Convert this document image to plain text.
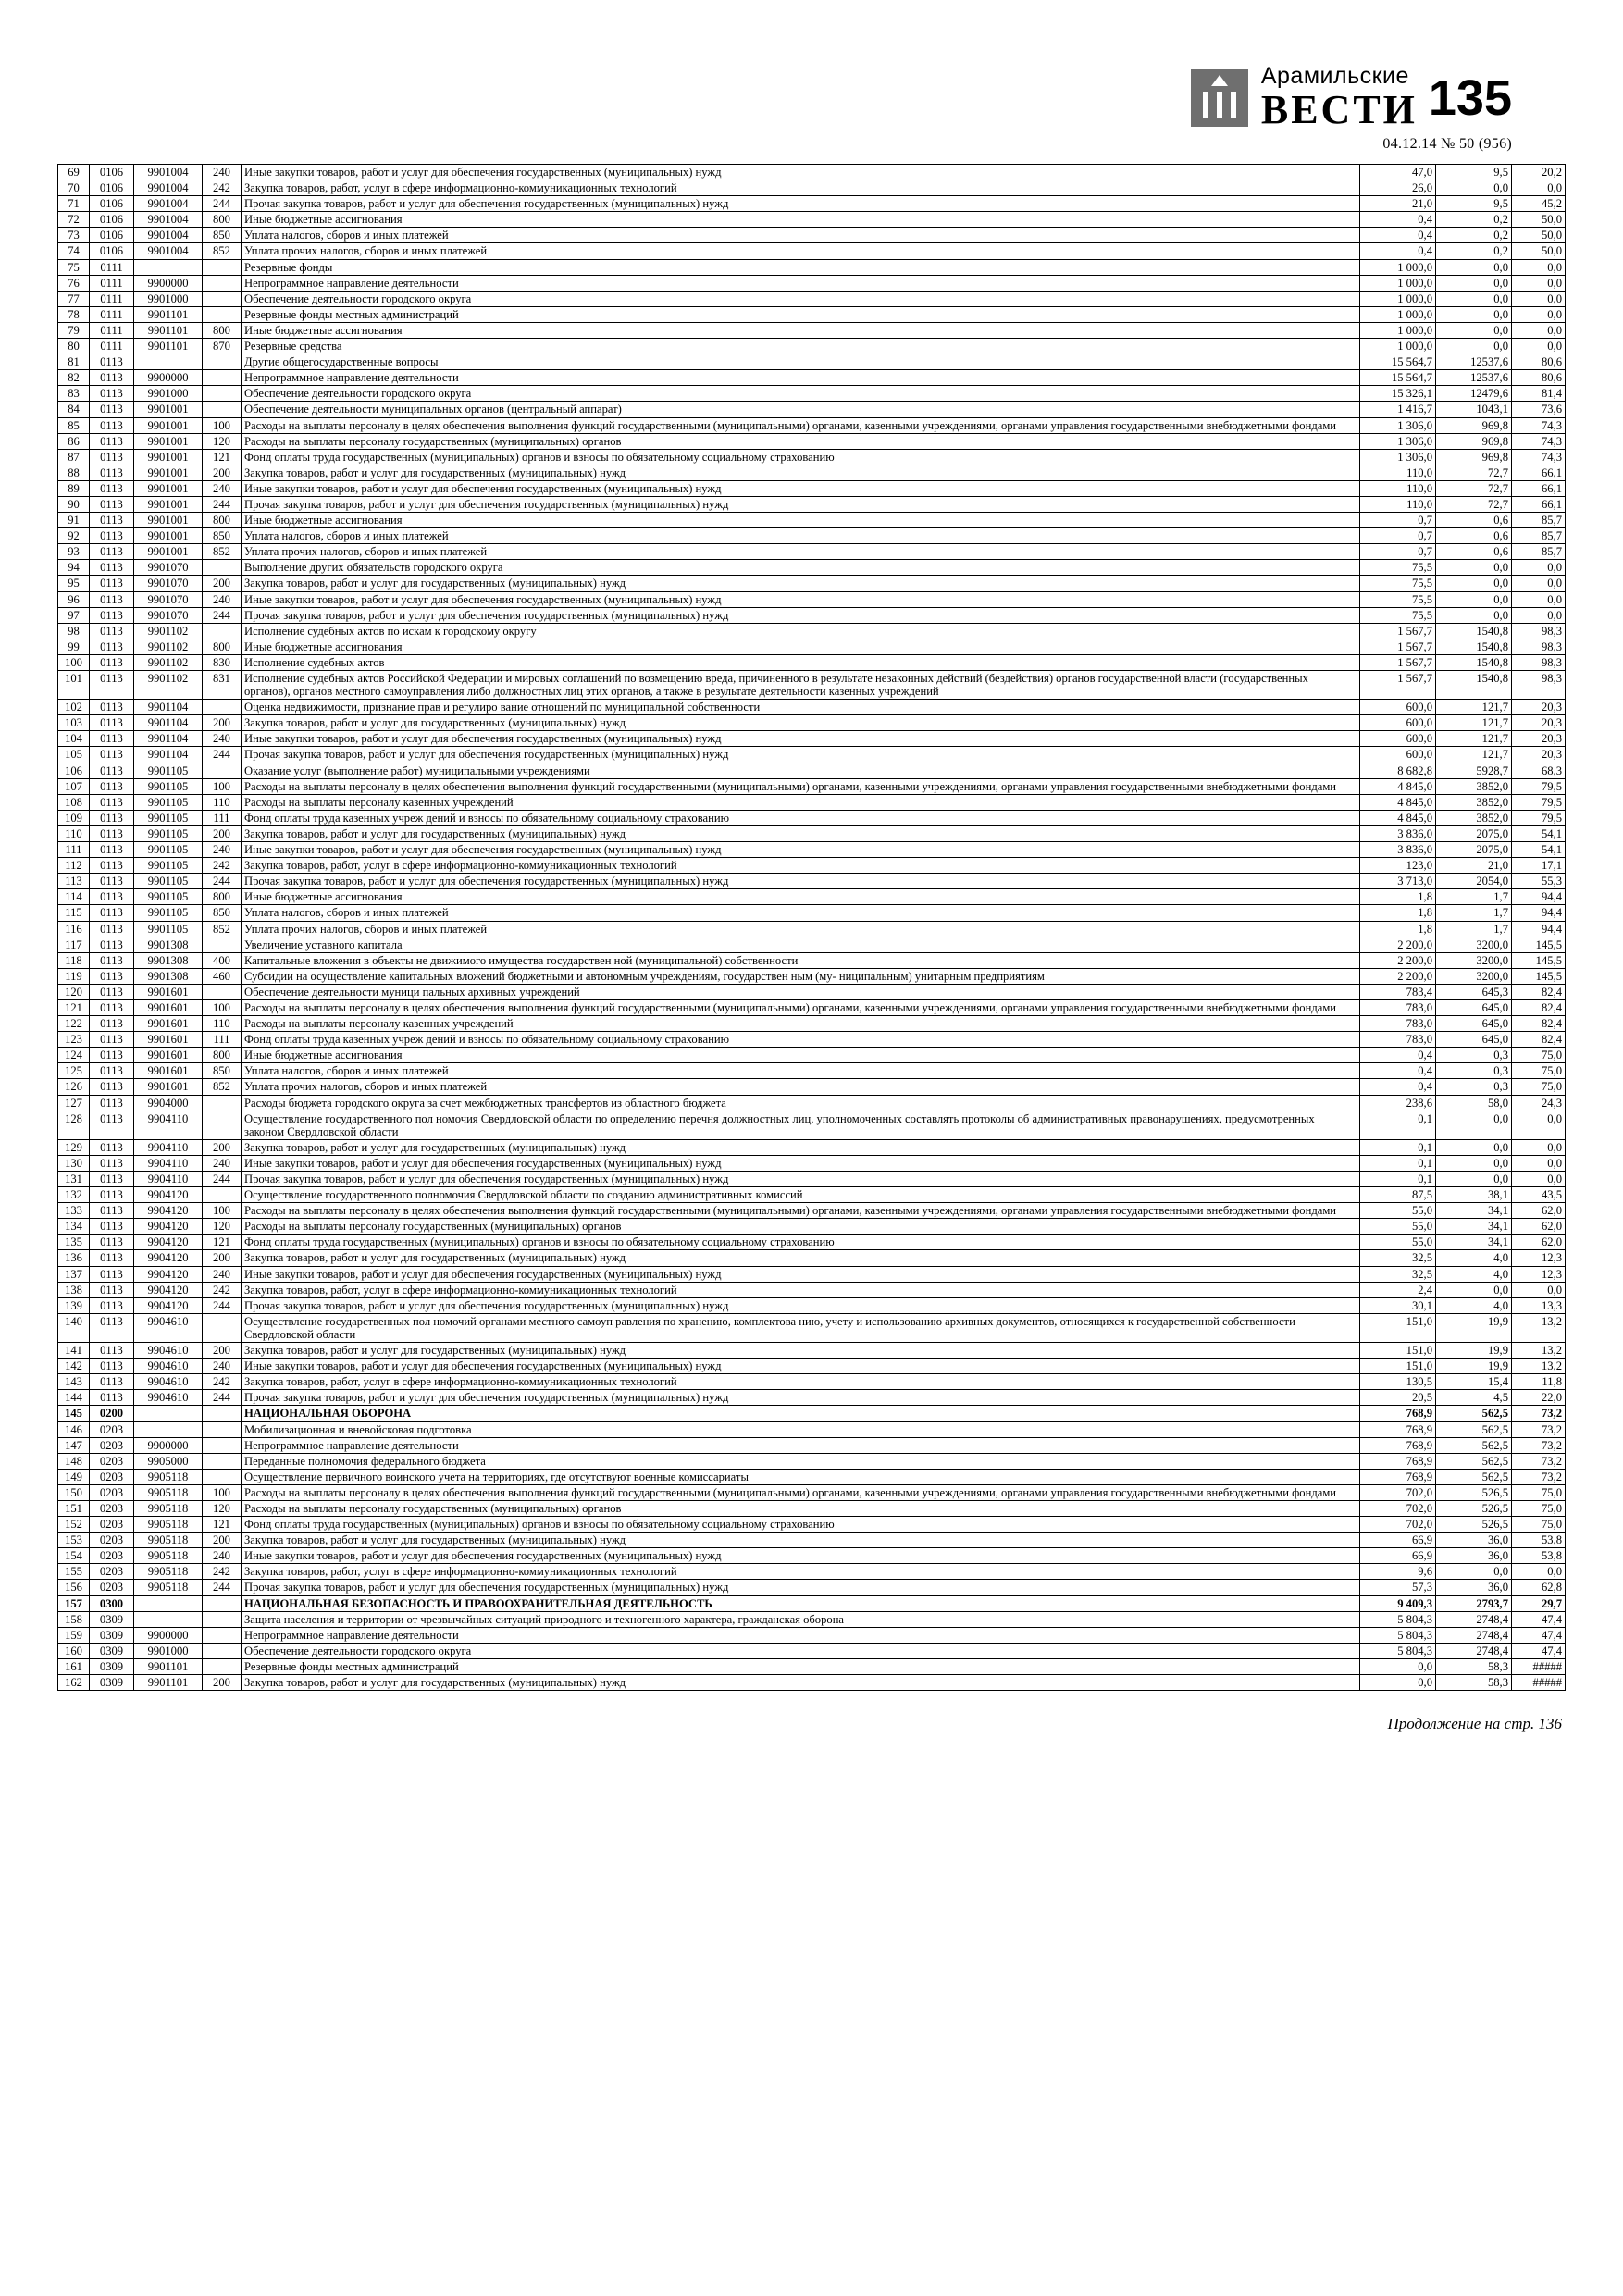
Арамильские
ВЕСТИ 135
04.12.14 № 50 (956)
69	0106	9901004	240	Иные закупки товаров, работ и услуг для обеспечения государственных (муниципальных) нужд	47,0	9,5	20,2
70	0106	9901004	242	Закупка товаров, работ, услуг в сфере информационно-коммуникационных технологий	26,0	0,0	0,0
71	0106	9901004	244	Прочая закупка товаров, работ и услуг для обеспечения государственных (муниципальных) нужд	21,0	9,5	45,2
72	0106	9901004	800	Иные бюджетные ассигнования	0,4	0,2	50,0
73	0106	9901004	850	Уплата налогов, сборов и иных платежей	0,4	0,2	50,0
74	0106	9901004	852	Уплата прочих налогов, сборов и иных платежей	0,4	0,2	50,0
75	0111			Резервные фонды	1 000,0	0,0	0,0
76	0111	9900000		Непрограммное направление деятельности	1 000,0	0,0	0,0
77	0111	9901000		Обеспечение деятельности городского округа	1 000,0	0,0	0,0
78	0111	9901101		Резервные фонды местных администраций	1 000,0	0,0	0,0
79	0111	9901101	800	Иные бюджетные ассигнования	1 000,0	0,0	0,0
80	0111	9901101	870	Резервные средства	1 000,0	0,0	0,0
81	0113			Другие общегосударственные вопросы	15 564,7	12537,6	80,6
82	0113	9900000		Непрограммное направление деятельности	15 564,7	12537,6	80,6
83	0113	9901000		Обеспечение деятельности городского округа	15 326,1	12479,6	81,4
84	0113	9901001		Обеспечение деятельности муниципальных органов (центральный аппарат)	1 416,7	1043,1	73,6
85	0113	9901001	100	Расходы на выплаты персоналу в целях обеспечения выполнения функций государственными (муниципальными) органами, казенными учреждениями, органами управления государственными внебюджетными фондами	1 306,0	969,8	74,3
86	0113	9901001	120	Расходы на выплаты персоналу государственных (муниципальных) органов	1 306,0	969,8	74,3
87	0113	9901001	121	Фонд оплаты труда государственных (муниципальных) органов и взносы по обязательному социальному страхованию	1 306,0	969,8	74,3
88	0113	9901001	200	Закупка товаров, работ и услуг для государственных (муниципальных) нужд	110,0	72,7	66,1
89	0113	9901001	240	Иные закупки товаров, работ и услуг для обеспечения государственных (муниципальных) нужд	110,0	72,7	66,1
90	0113	9901001	244	Прочая закупка товаров, работ и услуг для обеспечения государственных (муниципальных) нужд	110,0	72,7	66,1
91	0113	9901001	800	Иные бюджетные ассигнования	0,7	0,6	85,7
92	0113	9901001	850	Уплата налогов, сборов и иных платежей	0,7	0,6	85,7
93	0113	9901001	852	Уплата прочих налогов, сборов и иных платежей	0,7	0,6	85,7
94	0113	9901070		Выполнение других обязательств городского округа	75,5	0,0	0,0
95	0113	9901070	200	Закупка товаров, работ и услуг для государственных (муниципальных) нужд	75,5	0,0	0,0
96	0113	9901070	240	Иные закупки товаров, работ и услуг для обеспечения государственных (муниципальных) нужд	75,5	0,0	0,0
97	0113	9901070	244	Прочая закупка товаров, работ и услуг для обеспечения государственных (муниципальных) нужд	75,5	0,0	0,0
98	0113	9901102		Исполнение судебных актов по искам к городскому округу	1 567,7	1540,8	98,3
99	0113	9901102	800	Иные бюджетные ассигнования	1 567,7	1540,8	98,3
100	0113	9901102	830	Исполнение судебных актов	1 567,7	1540,8	98,3
101	0113	9901102	831	Исполнение судебных актов Российской Федерации и мировых соглашений по возмещению вреда, причиненного в результате незаконных действий (бездействия) органов государственной власти (государственных органов), органов местного самоуправления либо должностных лиц этих органов, а также в результате деятельности казенных учреждений	1 567,7	1540,8	98,3
102	0113	9901104		Оценка недвижимости, признание прав и регулиро вание отношений по муниципальной собственности	600,0	121,7	20,3
103	0113	9901104	200	Закупка товаров, работ и услуг для государственных (муниципальных) нужд	600,0	121,7	20,3
104	0113	9901104	240	Иные закупки товаров, работ и услуг для обеспечения государственных (муниципальных) нужд	600,0	121,7	20,3
105	0113	9901104	244	Прочая закупка товаров, работ и услуг для обеспечения государственных (муниципальных) нужд	600,0	121,7	20,3
106	0113	9901105		Оказание услуг (выполнение работ) муниципальными учреждениями	8 682,8	5928,7	68,3
107	0113	9901105	100	Расходы на выплаты персоналу в целях обеспечения выполнения функций государственными (муниципальными) органами, казенными учреждениями, органами управления государственными внебюджетными фондами	4 845,0	3852,0	79,5
108	0113	9901105	110	Расходы на выплаты персоналу казенных учреждений	4 845,0	3852,0	79,5
109	0113	9901105	111	Фонд оплаты труда казенных учреж дений и взносы по обязательному социальному страхованию	4 845,0	3852,0	79,5
110	0113	9901105	200	Закупка товаров, работ и услуг для государственных (муниципальных) нужд	3 836,0	2075,0	54,1
111	0113	9901105	240	Иные закупки товаров, работ и услуг для обеспечения государственных (муниципальных) нужд	3 836,0	2075,0	54,1
112	0113	9901105	242	Закупка товаров, работ, услуг в сфере информационно-коммуникационных технологий	123,0	21,0	17,1
113	0113	9901105	244	Прочая закупка товаров, работ и услуг для обеспечения государственных (муниципальных) нужд	3 713,0	2054,0	55,3
114	0113	9901105	800	Иные бюджетные ассигнования	1,8	1,7	94,4
115	0113	9901105	850	Уплата налогов, сборов и иных платежей	1,8	1,7	94,4
116	0113	9901105	852	Уплата прочих налогов, сборов и иных платежей	1,8	1,7	94,4
117	0113	9901308		Увеличение уставного капитала	2 200,0	3200,0	145,5
118	0113	9901308	400	Капитальные вложения в объекты не движимого имущества государствен ной (муниципальной) собственности	2 200,0	3200,0	145,5
119	0113	9901308	460	Субсидии на осуществление капитальных вложений бюджетными и автономным учреждениям, государствен ным (му- ниципальным) унитарным предприятиям	2 200,0	3200,0	145,5
120	0113	9901601		Обеспечение деятельности муници пальных архивных учреждений	783,4	645,3	82,4
121	0113	9901601	100	Расходы на выплаты персоналу в целях обеспечения выполнения функций государственными (муниципальными) органами, казенными учреждениями, органами управления государственными внебюджетными фондами	783,0	645,0	82,4
122	0113	9901601	110	Расходы на выплаты персоналу казенных учреждений	783,0	645,0	82,4
123	0113	9901601	111	Фонд оплаты труда казенных учреж дений и взносы по обязательному социальному страхованию	783,0	645,0	82,4
124	0113	9901601	800	Иные бюджетные ассигнования	0,4	0,3	75,0
125	0113	9901601	850	Уплата налогов, сборов и иных платежей	0,4	0,3	75,0
126	0113	9901601	852	Уплата прочих налогов, сборов и иных платежей	0,4	0,3	75,0
127	0113	9904000		Расходы бюджета городского округа за счет межбюджетных трансфертов из областного бюджета	238,6	58,0	24,3
128	0113	9904110		Осуществление государственного пол номочия Свердловской области по определению перечня должностных лиц, уполномоченных составлять протоколы об административных правонарушениях, предусмотренных законом Свердловской области	0,1	0,0	0,0
129	0113	9904110	200	Закупка товаров, работ и услуг для государственных (муниципальных) нужд	0,1	0,0	0,0
130	0113	9904110	240	Иные закупки товаров, работ и услуг для обеспечения государственных (муниципальных) нужд	0,1	0,0	0,0
131	0113	9904110	244	Прочая закупка товаров, работ и услуг для обеспечения государственных (муниципальных) нужд	0,1	0,0	0,0
132	0113	9904120		Осуществление государственного полномочия Свердловской области по созданию административных комиссий	87,5	38,1	43,5
133	0113	9904120	100	Расходы на выплаты персоналу в целях обеспечения выполнения функций государственными (муниципальными) органами, казенными учреждениями, органами управления государственными внебюджетными фондами	55,0	34,1	62,0
134	0113	9904120	120	Расходы на выплаты персоналу государственных (муниципальных) органов	55,0	34,1	62,0
135	0113	9904120	121	Фонд оплаты труда государственных (муниципальных) органов и взносы по обязательному социальному страхованию	55,0	34,1	62,0
136	0113	9904120	200	Закупка товаров, работ и услуг для государственных (муниципальных) нужд	32,5	4,0	12,3
137	0113	9904120	240	Иные закупки товаров, работ и услуг для обеспечения государственных (муниципальных) нужд	32,5	4,0	12,3
138	0113	9904120	242	Закупка товаров, работ, услуг в сфере информационно-коммуникационных технологий	2,4	0,0	0,0
139	0113	9904120	244	Прочая закупка товаров, работ и услуг для обеспечения государственных (муниципальных) нужд	30,1	4,0	13,3
140	0113	9904610		Осуществление государственных пол номочий органами местного самоуп равления по хранению, комплектова нию, учету и использованию архивных документов, относящихся к государственной собственности Свердловской области	151,0	19,9	13,2
141	0113	9904610	200	Закупка товаров, работ и услуг для государственных (муниципальных) нужд	151,0	19,9	13,2
142	0113	9904610	240	Иные закупки товаров, работ и услуг для обеспечения государственных (муниципальных) нужд	151,0	19,9	13,2
143	0113	9904610	242	Закупка товаров, работ, услуг в сфере информационно-коммуникационных технологий	130,5	15,4	11,8
144	0113	9904610	244	Прочая закупка товаров, работ и услуг для обеспечения государственных (муниципальных) нужд	20,5	4,5	22,0
145	0200			НАЦИОНАЛЬНАЯ ОБОРОНА	768,9	562,5	73,2
146	0203			Мобилизационная и вневойсковая подготовка	768,9	562,5	73,2
147	0203	9900000		Непрограммное направление деятельности	768,9	562,5	73,2
148	0203	9905000		Переданные полномочия федерального бюджета	768,9	562,5	73,2
149	0203	9905118		Осуществление первичного воинского учета на территориях, где отсутствуют военные комиссариаты	768,9	562,5	73,2
150	0203	9905118	100	Расходы на выплаты персоналу в целях обеспечения выполнения функций государственными (муниципальными) органами, казенными учреждениями, органами управления государственными внебюджетными фондами	702,0	526,5	75,0
151	0203	9905118	120	Расходы на выплаты персоналу государственных (муниципальных) органов	702,0	526,5	75,0
152	0203	9905118	121	Фонд оплаты труда государственных (муниципальных) органов и взносы по обязательному социальному страхованию	702,0	526,5	75,0
153	0203	9905118	200	Закупка товаров, работ и услуг для государственных (муниципальных) нужд	66,9	36,0	53,8
154	0203	9905118	240	Иные закупки товаров, работ и услуг для обеспечения государственных (муниципальных) нужд	66,9	36,0	53,8
155	0203	9905118	242	Закупка товаров, работ, услуг в сфере информационно-коммуникационных технологий	9,6	0,0	0,0
156	0203	9905118	244	Прочая закупка товаров, работ и услуг для обеспечения государственных (муниципальных) нужд	57,3	36,0	62,8
157	0300			НАЦИОНАЛЬНАЯ БЕЗОПАСНОСТЬ И ПРАВООХРАНИТЕЛЬНАЯ ДЕЯТЕЛЬНОСТЬ	9 409,3	2793,7	29,7
158	0309			Защита населения и территории от чрезвычайных ситуаций природного и техногенного характера, гражданская оборона	5 804,3	2748,4	47,4
159	0309	9900000		Непрограммное направление деятельности	5 804,3	2748,4	47,4
160	0309	9901000		Обеспечение деятельности городского округа	5 804,3	2748,4	47,4
161	0309	9901101		Резервные фонды местных администраций	0,0	58,3	#####
162	0309	9901101	200	Закупка товаров, работ и услуг для государственных (муниципальных) нужд	0,0	58,3	#####
Продолжение на стр. 136
